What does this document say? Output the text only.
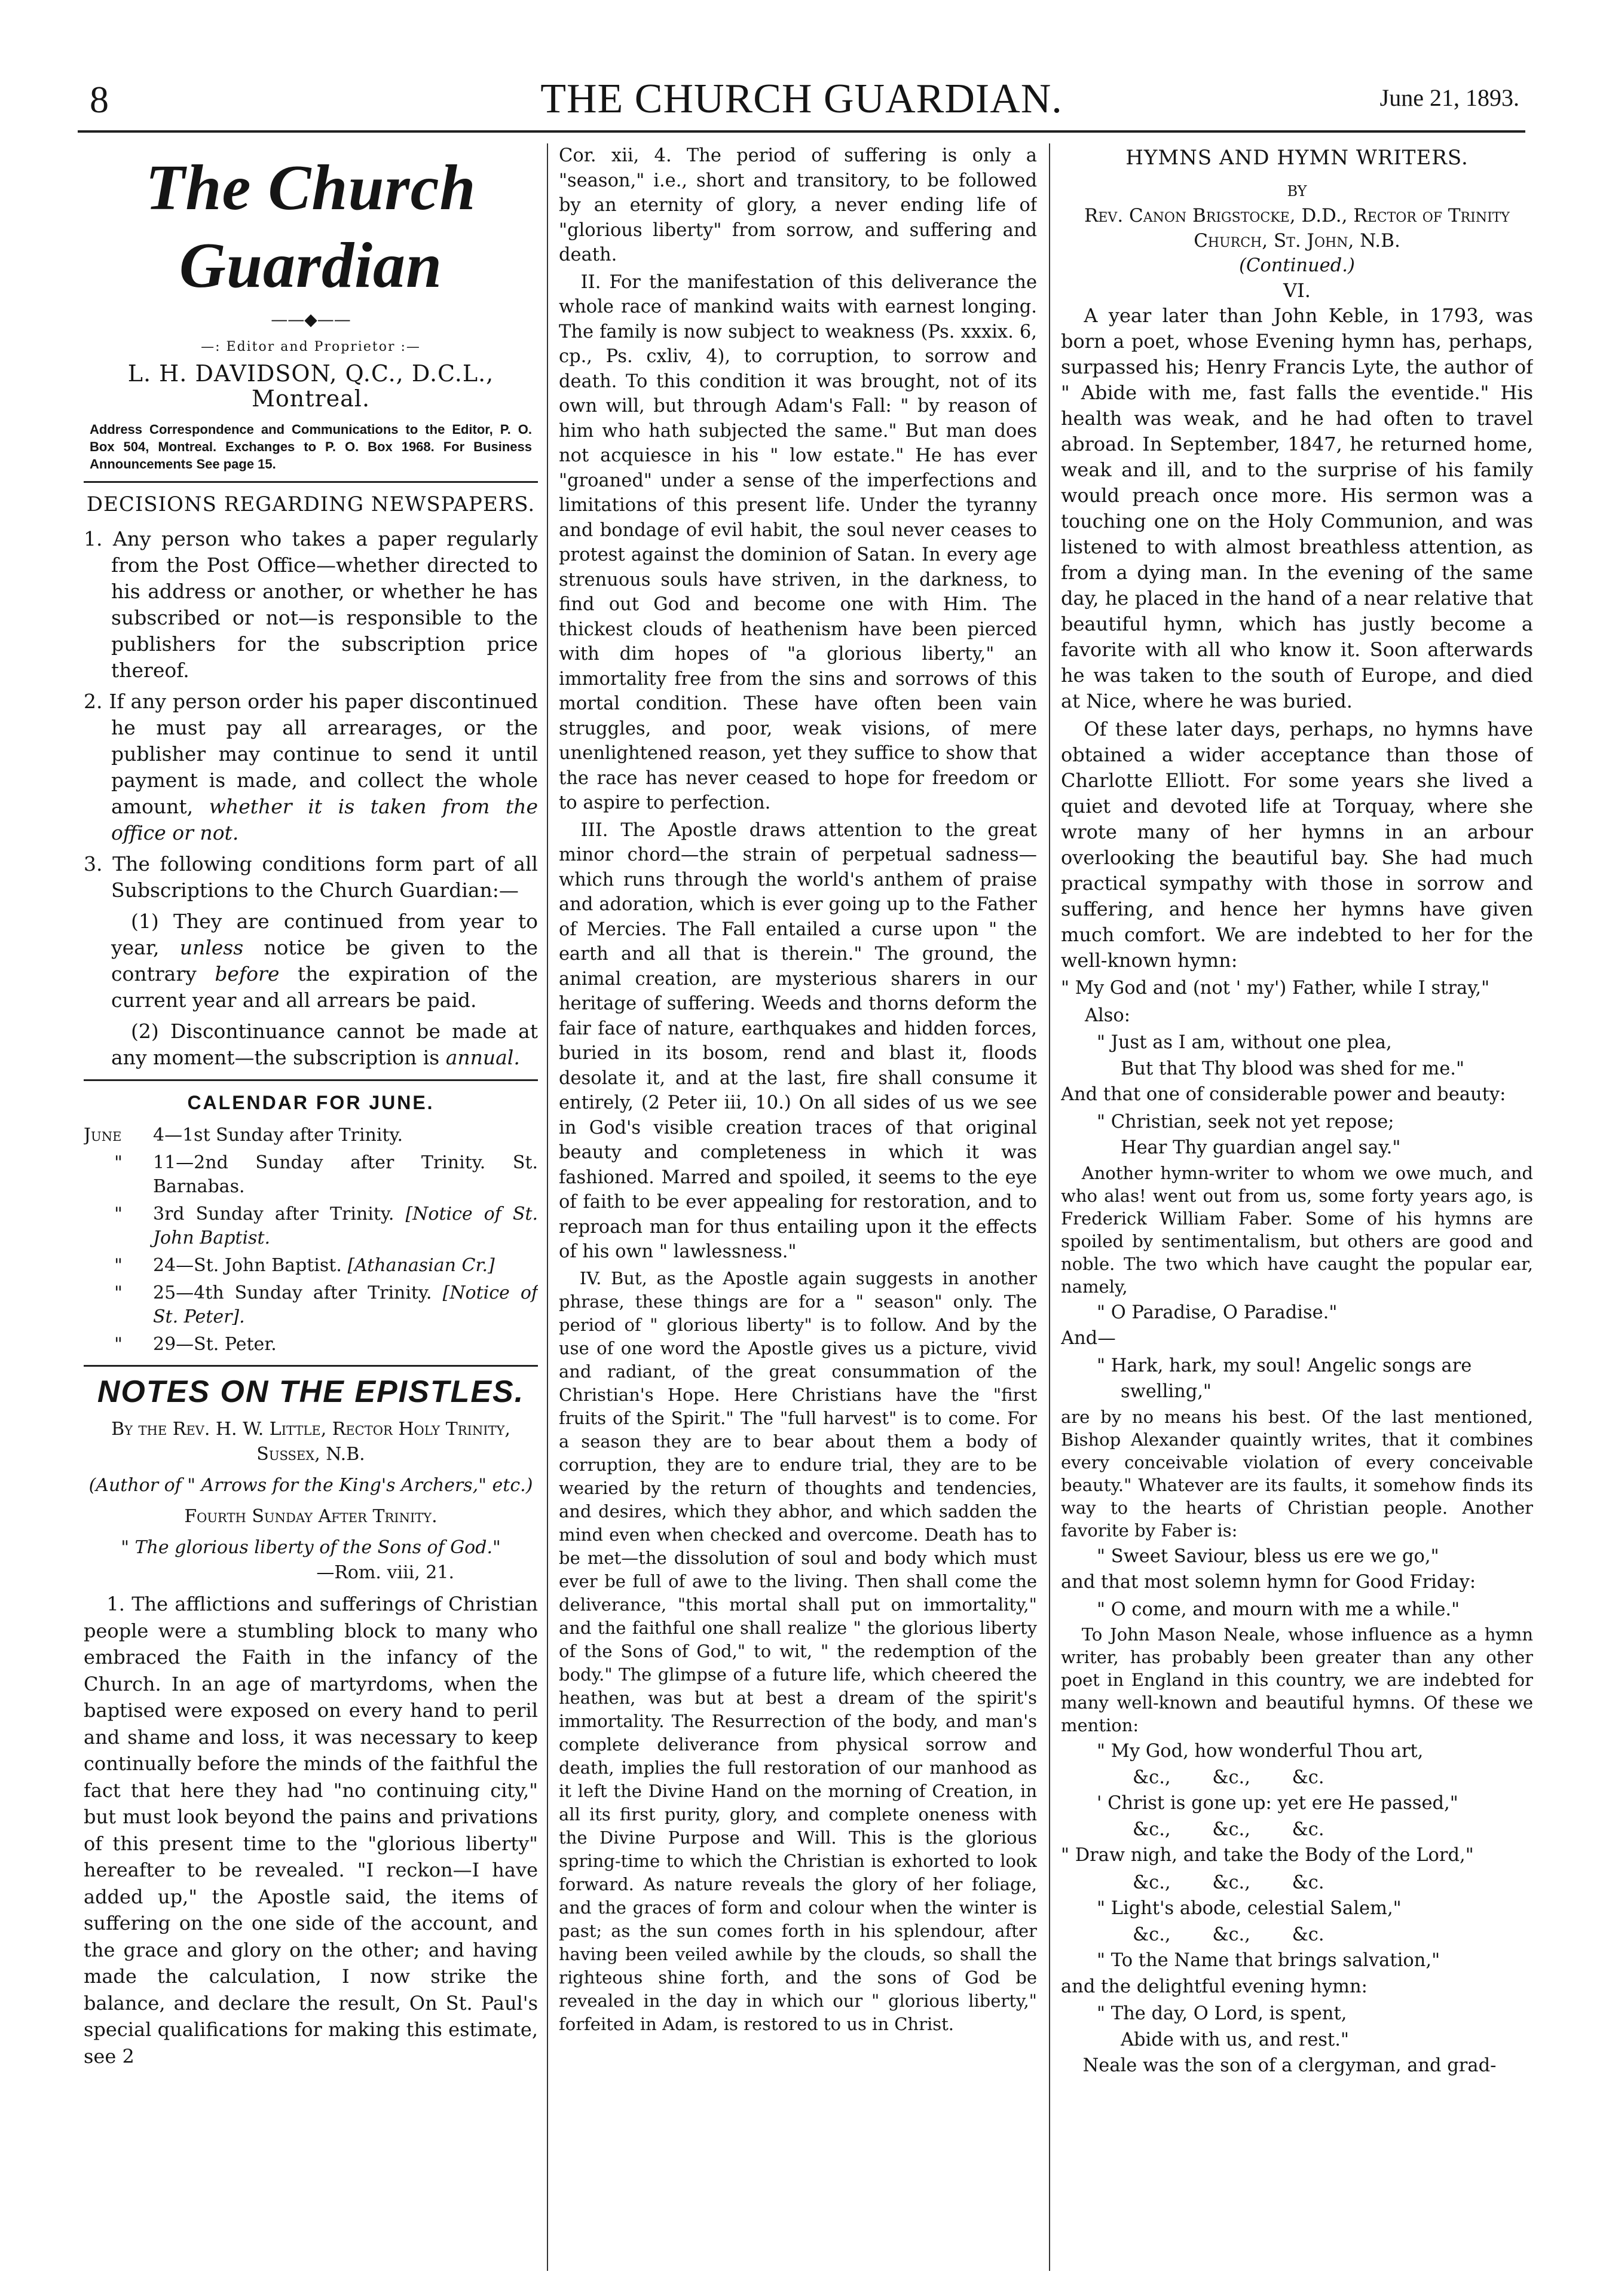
8	THE CHURCH GUARDIAN.	June 21, 1893.
The Church Guardian
——◆——
—: Editor and Proprietor :—
L. H. DAVIDSON, Q.C., D.C.L., Montreal.
Address Correspondence and Communications to the Editor, P. O. Box 504, Montreal. Exchanges to P. O. Box 1968. For Business Announcements See page 15.
DECISIONS REGARDING NEWSPAPERS.

1. Any person who takes a paper regularly from the Post Office—whether directed to his address or another, or whether he has subscribed or not—is responsible to the publishers for the subscription price thereof.

2. If any person order his paper discontinued he must pay all arrearages, or the publisher may continue to send it until payment is made, and collect the whole amount, whether it is taken from the office or not.

3. The following conditions form part of all Subscriptions to the Church Guardian:—

(1) They are continued from year to year, unless notice be given to the contrary before the expiration of the current year and all arrears be paid.

(2) Discontinuance cannot be made at any moment—the subscription is annual.

CALENDAR FOR JUNE.
June	4—1st Sunday after Trinity.
"	11—2nd Sunday after Trinity. St. Barnabas.
"	3rd Sunday after Trinity. [Notice of St. John Baptist.
"	24—St. John Baptist. [Athanasian Cr.]
"	25—4th Sunday after Trinity. [Notice of St. Peter].
"	29—St. Peter.
NOTES ON THE EPISTLES.
By the Rev. H. W. Little, Rector Holy Trinity, Sussex, N.B.
(Author of " Arrows for the King's Archers," etc.)
Fourth Sunday After Trinity.
" The glorious liberty of the Sons of God."
—Rom. viii, 21.

1. The afflictions and sufferings of Christian people were a stumbling block to many who embraced the Faith in the infancy of the Church. In an age of martyrdoms, when the baptised were exposed on every hand to peril and shame and loss, it was necessary to keep continually before the minds of the faithful the fact that here they had "no continuing city," but must look beyond the pains and privations of this present time to the "glorious liberty" hereafter to be revealed. "I reckon—I have added up," the Apostle said, the items of suffering on the one side of the account, and the grace and glory on the other; and having made the calculation, I now strike the balance, and declare the result, On St. Paul's special qualifications for making this estimate, see 2

Cor. xii, 4. The period of suffering is only a "season," i.e., short and transitory, to be followed by an eternity of glory, a never ending life of "glorious liberty" from sorrow, and suffering and death.

II. For the manifestation of this deliverance the whole race of mankind waits with earnest longing. The family is now subject to weakness (Ps. xxxix. 6, cp., Ps. cxliv, 4), to corruption, to sorrow and death. To this condition it was brought, not of its own will, but through Adam's Fall: " by reason of him who hath subjected the same." But man does not acquiesce in his " low estate." He has ever "groaned" under a sense of the imperfections and limitations of this present life. Under the tyranny and bondage of evil habit, the soul never ceases to protest against the dominion of Satan. In every age strenuous souls have striven, in the darkness, to find out God and become one with Him. The thickest clouds of heathenism have been pierced with dim hopes of "a glorious liberty," an immortality free from the sins and sorrows of this mortal condition. These have often been vain struggles, and poor, weak visions, of mere unenlightened reason, yet they suffice to show that the race has never ceased to hope for freedom or to aspire to perfection.

III. The Apostle draws attention to the great minor chord—the strain of perpetual sadness—which runs through the world's anthem of praise and adoration, which is ever going up to the Father of Mercies. The Fall entailed a curse upon " the earth and all that is therein." The ground, the animal creation, are mysterious sharers in our heritage of suffering. Weeds and thorns deform the fair face of nature, earthquakes and hidden forces, buried in its bosom, rend and blast it, floods desolate it, and at the last, fire shall consume it entirely, (2 Peter iii, 10.) On all sides of us we see in God's visible creation traces of that original beauty and completeness in which it was fashioned. Marred and spoiled, it seems to the eye of faith to be ever appealing for restoration, and to reproach man for thus entailing upon it the effects of his own " lawlessness."

IV. But, as the Apostle again suggests in another phrase, these things are for a " season" only. The period of " glorious liberty" is to follow. And by the use of one word the Apostle gives us a picture, vivid and radiant, of the great consummation of the Christian's Hope. Here Christians have the "first fruits of the Spirit." The "full harvest" is to come. For a season they are to bear about them a body of corruption, they are to endure trial, they are to be wearied by the return of thoughts and tendencies, and desires, which they abhor, and which sadden the mind even when checked and overcome. Death has to be met—the dissolution of soul and body which must ever be full of awe to the living. Then shall come the deliverance, "this mortal shall put on immortality," and the faithful one shall realize " the glorious liberty of the Sons of God," to wit, " the redemption of the body." The glimpse of a future life, which cheered the heathen, was but at best a dream of the spirit's immortality. The Resurrection of the body, and man's complete deliverance from physical sorrow and death, implies the full restoration of our manhood as it left the Divine Hand on the morning of Creation, in all its first purity, glory, and complete oneness with the Divine Purpose and Will. This is the glorious spring-time to which the Christian is exhorted to look forward. As nature reveals the glory of her foliage, and the graces of form and colour when the winter is past; as the sun comes forth in his splendour, after having been veiled awhile by the clouds, so shall the righteous shine forth, and the sons of God be revealed in the day in which our " glorious liberty," forfeited in Adam, is restored to us in Christ.

HYMNS AND HYMN WRITERS.
BY
Rev. Canon Brigstocke, D.D., Rector of Trinity Church, St. John, N.B.
(Continued.)
VI.

A year later than John Keble, in 1793, was born a poet, whose Evening hymn has, perhaps, surpassed his; Henry Francis Lyte, the author of " Abide with me, fast falls the eventide." His health was weak, and he had often to travel abroad. In September, 1847, he returned home, weak and ill, and to the surprise of his family would preach once more. His sermon was a touching one on the Holy Communion, and was listened to with almost breathless attention, as from a dying man. In the evening of the same day, he placed in the hand of a near relative that beautiful hymn, which has justly become a favorite with all who know it. Soon afterwards he was taken to the south of Europe, and died at Nice, where he was buried.

Of these later days, perhaps, no hymns have obtained a wider acceptance than those of Charlotte Elliott. For some years she lived a quiet and devoted life at Torquay, where she wrote many of her hymns in an arbour overlooking the beautiful bay. She had much practical sympathy with those in sorrow and suffering, and hence her hymns have given much comfort. We are indebted to her for the well-known hymn:

" My God and (not ' my') Father, while I stray,"

Also:

" Just as I am, without one plea,

But that Thy blood was shed for me."

And that one of considerable power and beauty:

" Christian, seek not yet repose;

Hear Thy guardian angel say."

Another hymn-writer to whom we owe much, and who alas! went out from us, some forty years ago, is Frederick William Faber. Some of his hymns are spoiled by sentimentalism, but others are good and noble. The two which have caught the popular ear, namely,

" O Paradise, O Paradise."

And—

" Hark, hark, my soul! Angelic songs are

swelling,"

are by no means his best. Of the last mentioned, Bishop Alexander quaintly writes, that it combines every conceivable violation of every conceivable beauty." Whatever are its faults, it somehow finds its way to the hearts of Christian people. Another favorite by Faber is:

" Sweet Saviour, bless us ere we go,"

and that most solemn hymn for Good Friday:

" O come, and mourn with me a while."

To John Mason Neale, whose influence as a hymn writer, has probably been greater than any other poet in England in this country, we are indebted for many well-known and beautiful hymns. Of these we mention:

" My God, how wonderful Thou art,

&c., &c., &c.

' Christ is gone up: yet ere He passed,"

&c., &c., &c.

" Draw nigh, and take the Body of the Lord,"

&c., &c., &c.

" Light's abode, celestial Salem,"

&c., &c., &c.

" To the Name that brings salvation,"

and the delightful evening hymn:

" The day, O Lord, is spent,

Abide with us, and rest."

Neale was the son of a clergyman, and grad-
